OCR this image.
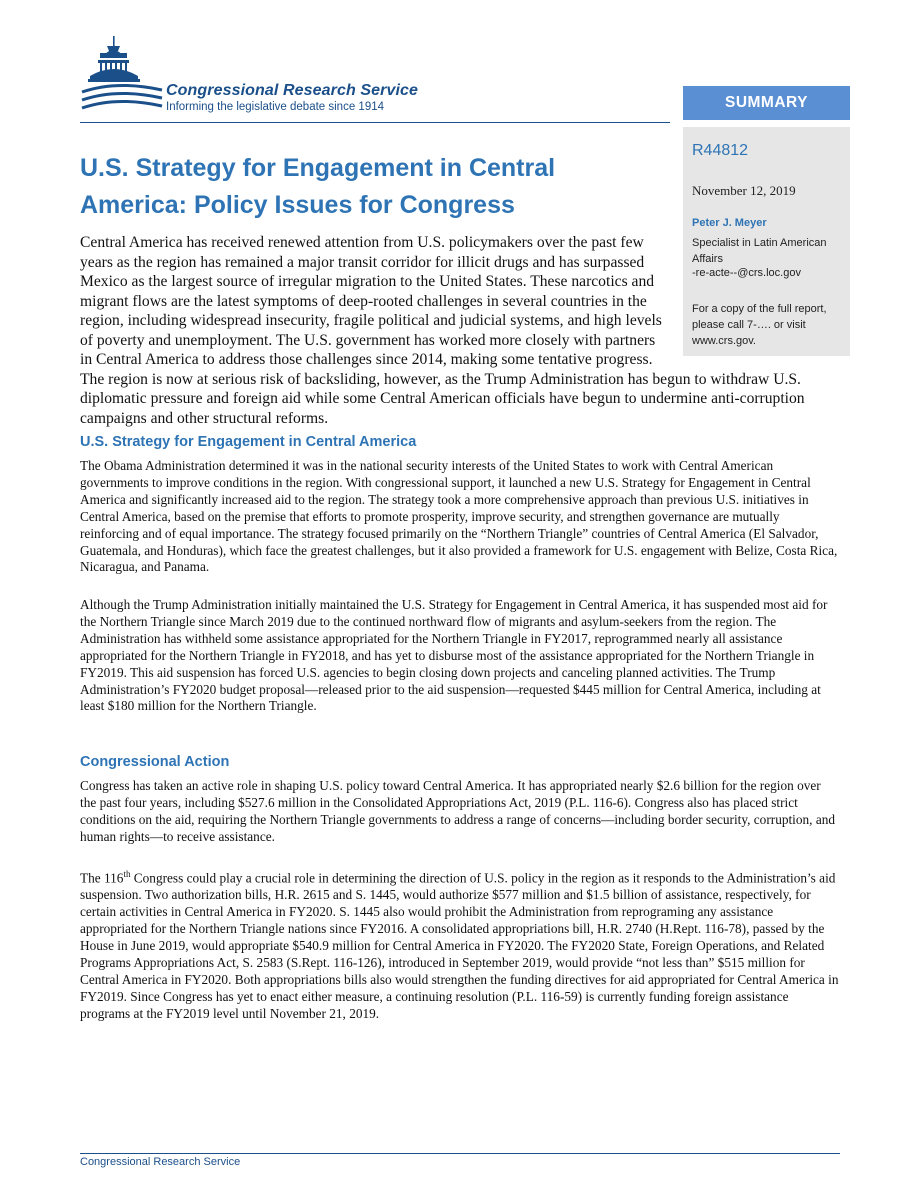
Congressional Research Service
Informing the legislative debate since 1914	SUMMARY
R44812
November 12, 2019
Peter J. Meyer
Specialist in Latin American Affairs
-re-acte--@crs.loc.gov
For a copy of the full report, please call 7-…. or visit www.crs.gov.
U.S. Strategy for Engagement in Central America: Policy Issues for Congress

Central America has received renewed attention from U.S. policymakers over the past few years as the region has remained a major transit corridor for illicit drugs and has surpassed Mexico as the largest source of irregular migration to the United States. These narcotics and migrant flows are the latest symptoms of deep-rooted challenges in several countries in the region, including widespread insecurity, fragile political and judicial systems, and high levels of poverty and unemployment. The U.S. government has worked more closely with partners in Central America to address those challenges since 2014, making some tentative progress. The region is now at serious risk of backsliding, however, as the Trump Administration has begun to withdraw U.S. diplomatic pressure and foreign aid while some Central American officials have begun to undermine anti-corruption campaigns and other structural reforms.

U.S. Strategy for Engagement in Central America

The Obama Administration determined it was in the national security interests of the United States to work with Central American governments to improve conditions in the region. With congressional support, it launched a new U.S. Strategy for Engagement in Central America and significantly increased aid to the region. The strategy took a more comprehensive approach than previous U.S. initiatives in Central America, based on the premise that efforts to promote prosperity, improve security, and strengthen governance are mutually reinforcing and of equal importance. The strategy focused primarily on the “Northern Triangle” countries of Central America (El Salvador, Guatemala, and Honduras), which face the greatest challenges, but it also provided a framework for U.S. engagement with Belize, Costa Rica, Nicaragua, and Panama.

Although the Trump Administration initially maintained the U.S. Strategy for Engagement in Central America, it has suspended most aid for the Northern Triangle since March 2019 due to the continued northward flow of migrants and asylum-seekers from the region. The Administration has withheld some assistance appropriated for the Northern Triangle in FY2017, reprogrammed nearly all assistance appropriated for the Northern Triangle in FY2018, and has yet to disburse most of the assistance appropriated for the Northern Triangle in FY2019. This aid suspension has forced U.S. agencies to begin closing down projects and canceling planned activities. The Trump Administration’s FY2020 budget proposal—released prior to the aid suspension—requested $445 million for Central America, including at least $180 million for the Northern Triangle.

Congressional Action

Congress has taken an active role in shaping U.S. policy toward Central America. It has appropriated nearly $2.6 billion for the region over the past four years, including $527.6 million in the Consolidated Appropriations Act, 2019 (P.L. 116-6). Congress also has placed strict conditions on the aid, requiring the Northern Triangle governments to address a range of concerns—including border security, corruption, and human rights—to receive assistance.

The 116th Congress could play a crucial role in determining the direction of U.S. policy in the region as it responds to the Administration’s aid suspension. Two authorization bills, H.R. 2615 and S. 1445, would authorize $577 million and $1.5 billion of assistance, respectively, for certain activities in Central America in FY2020. S. 1445 also would prohibit the Administration from reprograming any assistance appropriated for the Northern Triangle nations since FY2016. A consolidated appropriations bill, H.R. 2740 (H.Rept. 116-78), passed by the House in June 2019, would appropriate $540.9 million for Central America in FY2020. The FY2020 State, Foreign Operations, and Related Programs Appropriations Act, S. 2583 (S.Rept. 116-126), introduced in September 2019, would provide “not less than” $515 million for Central America in FY2020. Both appropriations bills also would strengthen the funding directives for aid appropriated for Central America in FY2019. Since Congress has yet to enact either measure, a continuing resolution (P.L. 116-59) is currently funding foreign assistance programs at the FY2019 level until November 21, 2019.

Congressional Research Service
